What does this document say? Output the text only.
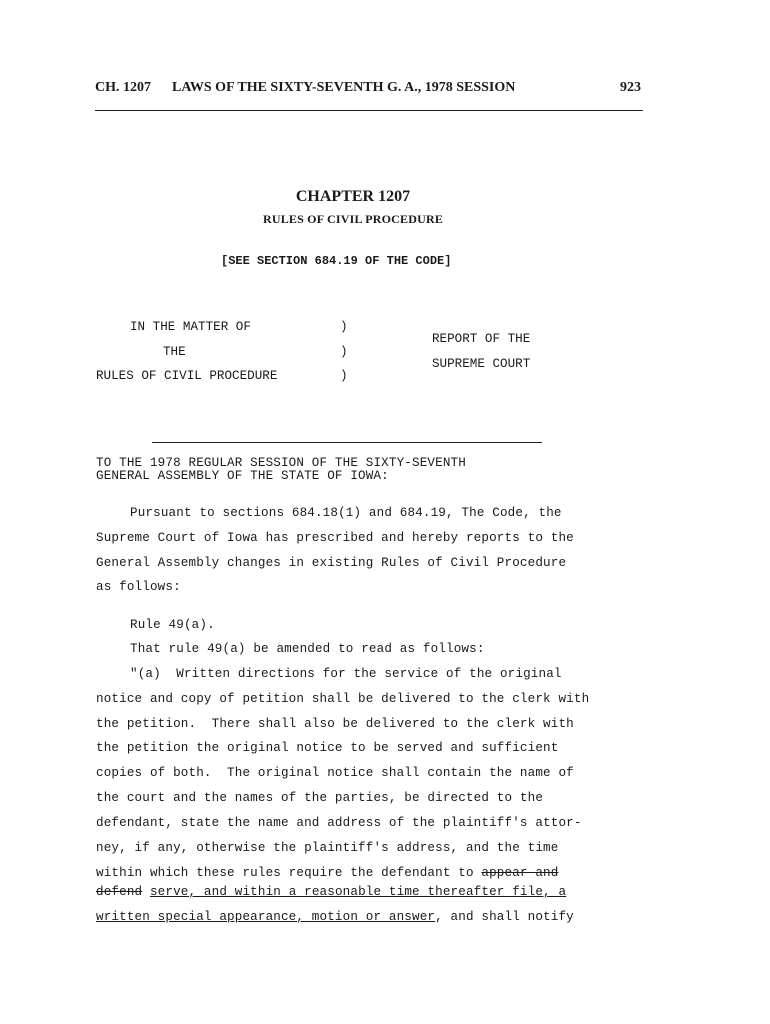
CH. 1207 LAWS OF THE SIXTY-SEVENTH G. A., 1978 SESSION	923
CHAPTER 1207
RULES OF CIVIL PROCEDURE
[SEE SECTION 684.19 OF THE CODE]
IN THE MATTER OF
THE
RULES OF CIVIL PROCEDURE
)
)
)
REPORT OF THE
SUPREME COURT
TO THE 1978 REGULAR SESSION OF THE SIXTY-SEVENTH
GENERAL ASSEMBLY OF THE STATE OF IOWA:
Pursuant to sections 684.18(1) and 684.19, The Code, the
Supreme Court of Iowa has prescribed and hereby reports to the
General Assembly changes in existing Rules of Civil Procedure
as follows:
Rule 49(a).
That rule 49(a) be amended to read as follows:
"(a)  Written directions for the service of the original
notice and copy of petition shall be delivered to the clerk with
the petition.  There shall also be delivered to the clerk with
the petition the original notice to be served and sufficient
copies of both.  The original notice shall contain the name of
the court and the names of the parties, be directed to the
defendant, state the name and address of the plaintiff's attor-
ney, if any, otherwise the plaintiff's address, and the time
within which these rules require the defendant to appear and
defend serve, and within a reasonable time thereafter file, a
written special appearance, motion or answer, and shall notify
